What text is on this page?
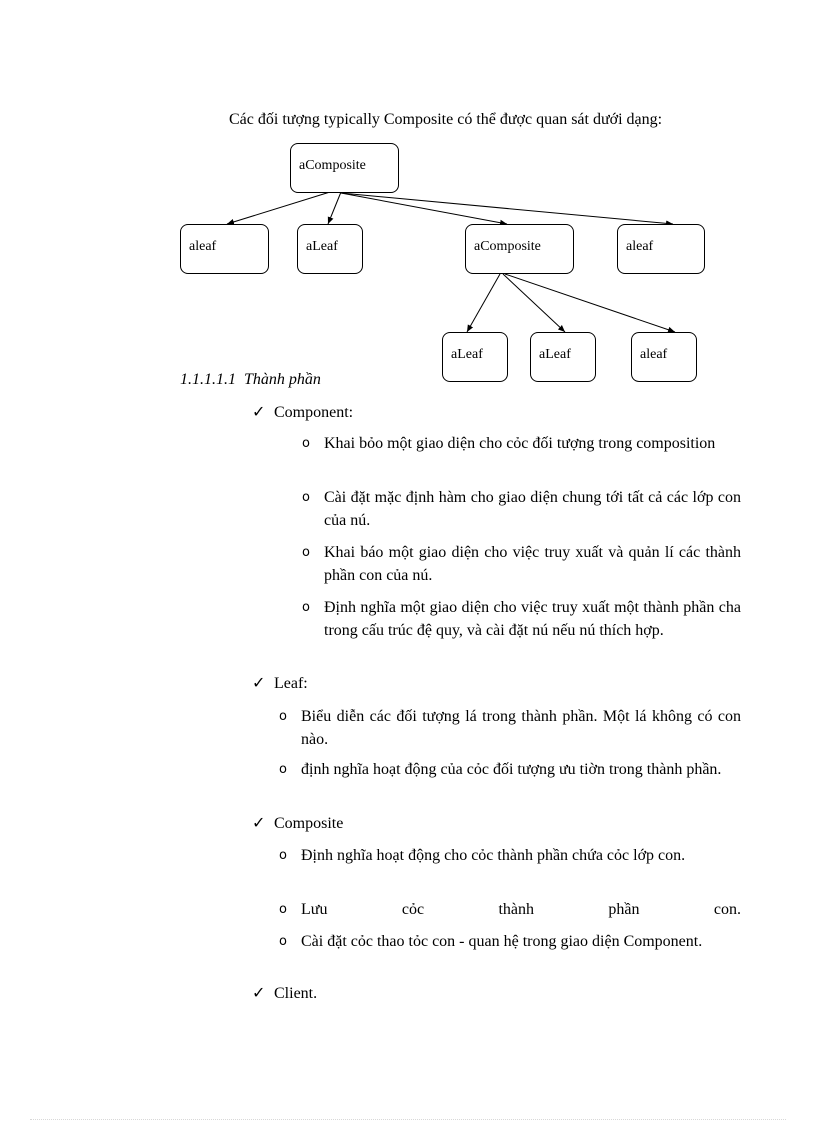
Các đối tượng typically Composite có thể được quan sát dưới dạng:
aComposite
aleaf	aLeaf	aComposite	aleaf
aLeaf	aLeaf	aleaf
1.1.1.1.1 Thành phần
✓ Component:
o Khai bỏo một giao diện cho cỏc đối tượng trong composition
o Cài đặt mặc định hàm cho giao diện chung tới tất cả các lớp con của nú.
o Khai báo một giao diện cho việc truy xuất và quản lí các thành phần con của nú.
o Định nghĩa một giao diện cho việc truy xuất một thành phần cha trong cấu trúc đệ quy, và cài đặt nú nếu nú thích hợp.
✓ Leaf:
o Biểu diễn các đối tượng lá trong thành phần. Một lá không có con nào.
o định nghĩa hoạt động của cỏc đối tượng ưu tiờn trong thành phần.
✓ Composite
o Định nghĩa hoạt động cho cỏc thành phần chứa cỏc lớp con.
o Lưu	cỏc	thành	phần	con.
o Cài đặt cỏc thao tỏc con - quan hệ trong giao diện Component.
✓ Client.
